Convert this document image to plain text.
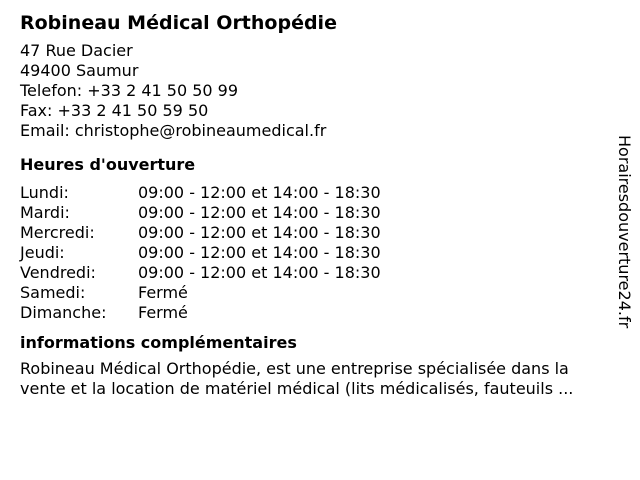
Robineau Médical Orthopédie
47 Rue Dacier
49400 Saumur
Telefon: +33 2 41 50 50 99
Fax: +33 2 41 50 59 50
Email: christophe@robineaumedical.fr
Heures d'ouverture
Lundi:	09:00 - 12:00 et 14:00 - 18:30
Mardi:	09:00 - 12:00 et 14:00 - 18:30
Mercredi:	09:00 - 12:00 et 14:00 - 18:30
Jeudi:	09:00 - 12:00 et 14:00 - 18:30
Vendredi:	09:00 - 12:00 et 14:00 - 18:30
Samedi:	Fermé
Dimanche:	Fermé
informations complémentaires
Robineau Médical Orthopédie, est une entreprise spécialisée dans la
vente et la location de matériel médical (lits médicalisés, fauteuils ...
Horairesdouverture24.fr
